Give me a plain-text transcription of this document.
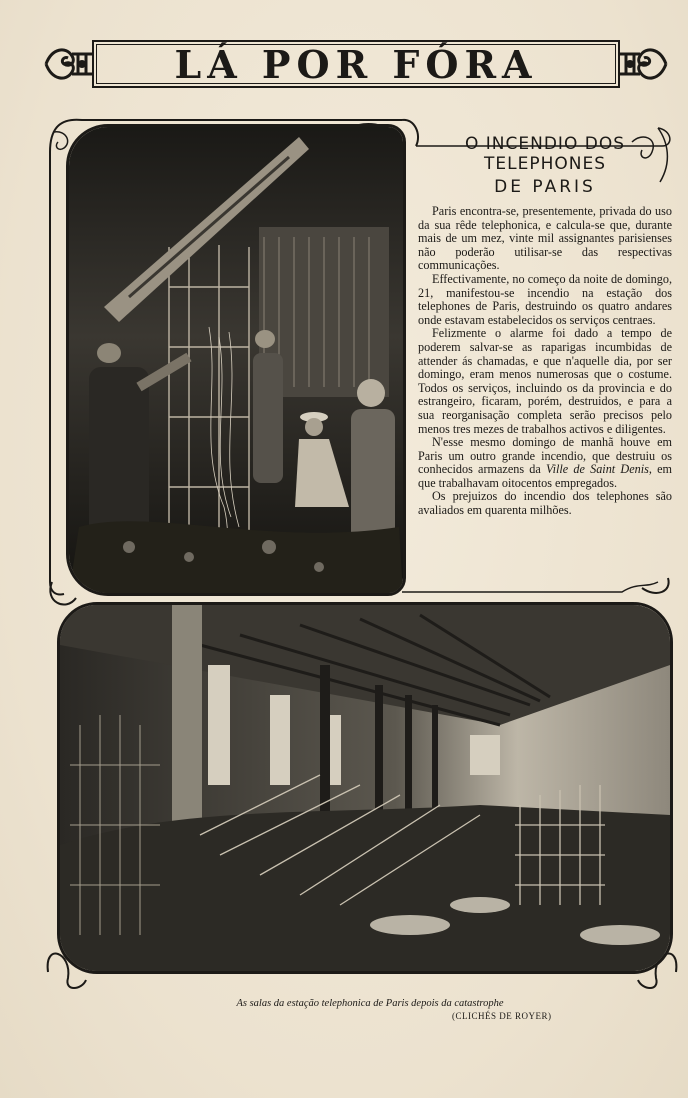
LÁ POR FÓRA
O INCENDIO DOS TELEPHONES
DE PARIS

Paris encontra-se, presentemente, privada do uso da sua rêde telephonica, e calcula-se que, durante mais de um mez, vinte mil assignantes parisienses não poderão utilisar-se das respectivas communicações.

Effectivamente, no começo da noite de domingo, 21, manifestou-se incendio na estação dos telephones de Paris, destruindo os quatro andares onde estavam estabelecidos os serviços centraes.

Felizmente o alarme foi dado a tempo de poderem salvar-se as raparigas incumbidas de attender ás chamadas, e que n'aquelle dia, por ser domingo, eram menos numerosas que o costume. Todos os serviços, incluindo os da provincia e do estrangeiro, ficaram, porém, destruidos, e para a sua reorganisação completa serão precisos pelo menos tres mezes de trabalhos activos e diligentes.

N'esse mesmo domingo de manhã houve em Paris um outro grande incendio, que destruiu os conhecidos armazens da Ville de Saint Denis, em que trabalhavam oitocentos empregados.

Os prejuizos do incendio dos telephones são avaliados em quarenta milhões.

As salas da estação telephonica de Paris depois da catastrophe
(CLICHÉS DE ROYER)
